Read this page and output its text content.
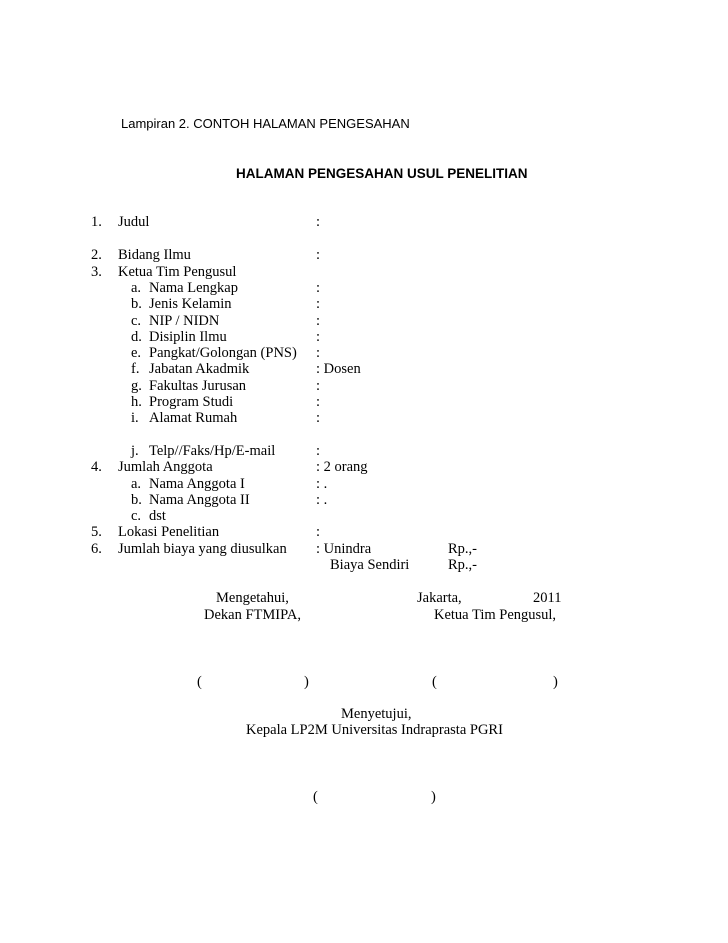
Lampiran 2. CONTOH HALAMAN PENGESAHAN
HALAMAN PENGESAHAN USUL PENELITIAN
1. Judul	:
2. Bidang Ilmu	:
3. Ketua Tim Pengusul
a. Nama Lengkap	:
b. Jenis Kelamin	:
c. NIP / NIDN	:
d. Disiplin Ilmu	:
e. Pangkat/Golongan (PNS) :
f. Jabatan Akadmik	: Dosen
g. Fakultas Jurusan	:
h. Program Studi	:
i. Alamat Rumah	:
j. Telp//Faks/Hp/E-mail	:
4. Jumlah Anggota	: 2 orang
a. Nama Anggota I	: .
b. Nama Anggota II	: .
c. dst
5. Lokasi Penelitian	:
6. Jumlah biaya yang diusulkan : Unindra	Rp.,-
Biaya Sendiri	Rp.,-
Mengetahui,
Dekan FTMIPA,
Jakarta,	2011
Ketua Tim Pengusul,
(	)	(	)
Menyetujui,
Kepala LP2M Universitas Indraprasta PGRI
(	)
